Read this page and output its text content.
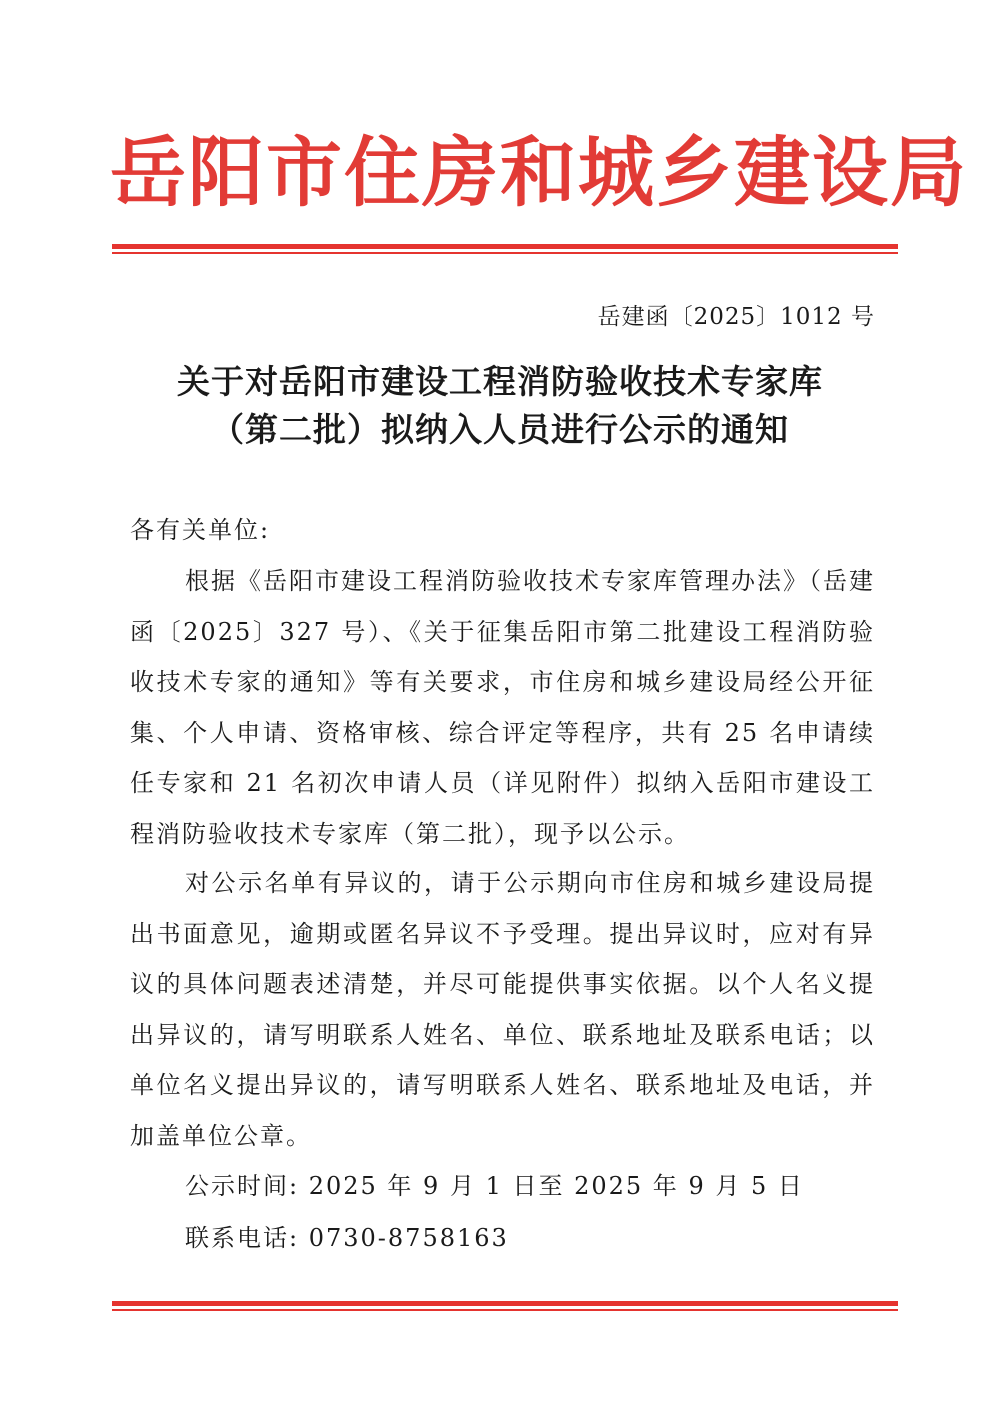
岳阳市住房和城乡建设局
岳建函〔2025〕1012 号
关于对岳阳市建设工程消防验收技术专家库
（第二批）拟纳入人员进行公示的通知
各有关单位:

根据《岳阳市建设工程消防验收技术专家库管理办法》（岳建函〔2025〕327 号）、《关于征集岳阳市第二批建设工程消防验收技术专家的通知》等有关要求，市住房和城乡建设局经公开征集、个人申请、资格审核、综合评定等程序，共有 25 名申请续任专家和 21 名初次申请人员（详见附件）拟纳入岳阳市建设工程消防验收技术专家库（第二批），现予以公示。

对公示名单有异议的，请于公示期向市住房和城乡建设局提出书面意见，逾期或匿名异议不予受理。提出异议时，应对有异议的具体问题表述清楚，并尽可能提供事实依据。以个人名义提出异议的，请写明联系人姓名、单位、联系地址及联系电话；以单位名义提出异议的，请写明联系人姓名、联系地址及电话，并加盖单位公章。

公示时间: 2025 年 9 月 1 日至 2025 年 9 月 5 日
联系电话: 0730-8758163
